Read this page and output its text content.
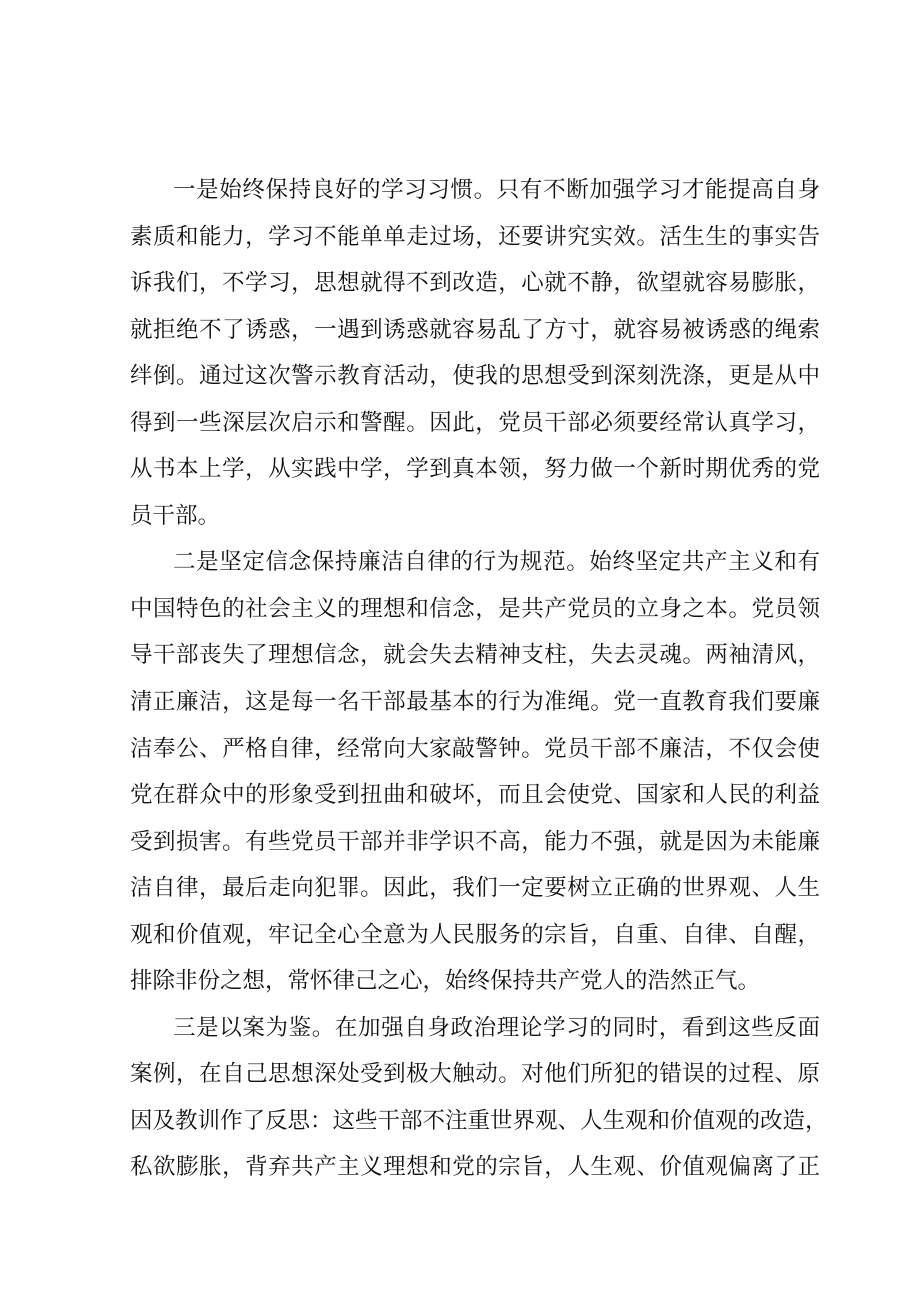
一是始终保持良好的学习习惯。只有不断加强学习才能提高自身
素质和能力，学习不能单单走过场，还要讲究实效。活生生的事实告
诉我们，不学习，思想就得不到改造，心就不静，欲望就容易膨胀，
就拒绝不了诱惑，一遇到诱惑就容易乱了方寸，就容易被诱惑的绳索
绊倒。通过这次警示教育活动，使我的思想受到深刻洗涤，更是从中
得到一些深层次启示和警醒。因此，党员干部必须要经常认真学习，
从书本上学，从实践中学，学到真本领，努力做一个新时期优秀的党
员干部。
二是坚定信念保持廉洁自律的行为规范。始终坚定共产主义和有
中国特色的社会主义的理想和信念，是共产党员的立身之本。党员领
导干部丧失了理想信念，就会失去精神支柱，失去灵魂。两袖清风，
清正廉洁，这是每一名干部最基本的行为准绳。党一直教育我们要廉
洁奉公、严格自律，经常向大家敲警钟。党员干部不廉洁，不仅会使
党在群众中的形象受到扭曲和破坏，而且会使党、国家和人民的利益
受到损害。有些党员干部并非学识不高，能力不强，就是因为未能廉
洁自律，最后走向犯罪。因此，我们一定要树立正确的世界观、人生
观和价值观，牢记全心全意为人民服务的宗旨，自重、自律、自醒，
排除非份之想，常怀律己之心，始终保持共产党人的浩然正气。
三是以案为鉴。在加强自身政治理论学习的同时，看到这些反面
案例，在自己思想深处受到极大触动。对他们所犯的错误的过程、原
因及教训作了反思：这些干部不注重世界观、人生观和价值观的改造，
私欲膨胀，背弃共产主义理想和党的宗旨，人生观、价值观偏离了正
